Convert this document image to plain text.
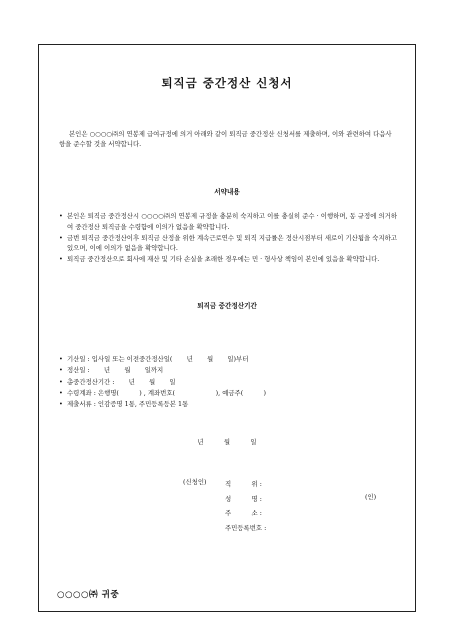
퇴직금 중간정산 신청서
본인은 ○○○○㈜의 연봉제 급여규정에 의거 아래와 같이 퇴직금 중간정산 신청서를 제출하며, 이와 관련하여 다음사항을 준수할 것을 서약합니다.
서약내용
• 본인은 퇴직금 중간정산시 ○○○○㈜의 연봉제 규정을 충분히 숙지하고 이를 충실히 준수 · 이행하며, 동 규정에 의거하여 중간정산 퇴직금을 수령함에 이의가 없음을 확약합니다.
• 금번 퇴직금 중간정산이후 퇴직금 산정을 위한 계속근로연수 및 퇴직 지급률은 정산시점부터 새로이 기산됨을 숙지하고 있으며, 이에 이의가 없음을 확약합니다.
• 퇴직금 중간정산으로 회사에 재산 및 기타 손실을 초래한 경우에는 민 · 형사상 책임이 본인에 있음을 확약합니다.
퇴직금 중간정산기간
• 기산일 : 입사일 또는 이전중간정산일(       년       월       일)부터
• 정산일 :       년       월       일까지
• 총중간정산기간 :       년       월       일
• 수령계좌 : 은행명(          ) , 계좌번호(                    ), 예금주(          )
• 제출서류 : 인감증명 1통, 주민등록등본 1통
년          월          일
(신청인)	직          위 :
성          명 :
주          소 :
주민등록번호 :
(인)
○○○○㈜ 귀중
